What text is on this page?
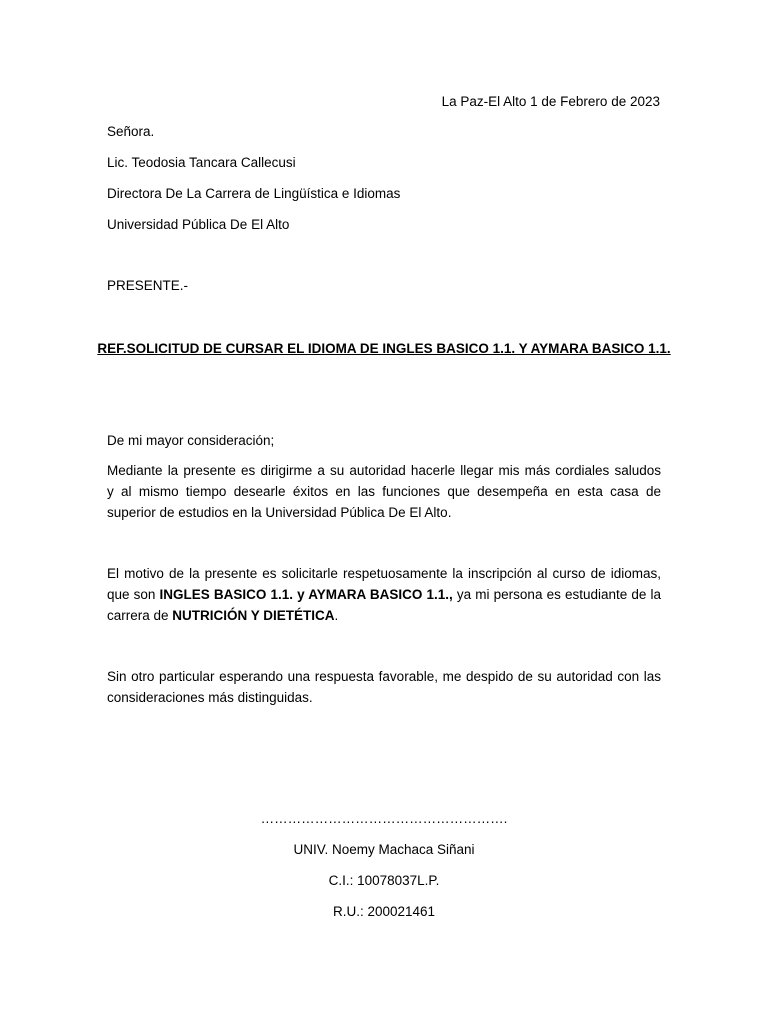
La Paz-El Alto 1 de Febrero de 2023
Señora.
Lic. Teodosia Tancara Callecusi
Directora De La Carrera de Lingüística e Idiomas
Universidad Pública De El Alto
PRESENTE.-
REF.SOLICITUD DE CURSAR EL IDIOMA DE INGLES BASICO 1.1. Y AYMARA BASICO 1.1.
De mi mayor consideración;
Mediante la presente es dirigirme a su autoridad hacerle llegar mis más cordiales saludos
y al mismo tiempo desearle éxitos en las funciones que desempeña en esta casa de
superior de estudios en la Universidad Pública De El Alto.
El motivo de la presente es solicitarle respetuosamente la inscripción al curso de idiomas,
que son INGLES BASICO 1.1. y AYMARA BASICO 1.1., ya mi persona es estudiante de la
carrera de NUTRICIÓN Y DIETÉTICA.
Sin otro particular esperando una respuesta favorable, me despido de su autoridad con las
consideraciones más distinguidas.
……………………………………………….
UNIV. Noemy Machaca Siñani
C.I.: 10078037L.P.
R.U.: 200021461
